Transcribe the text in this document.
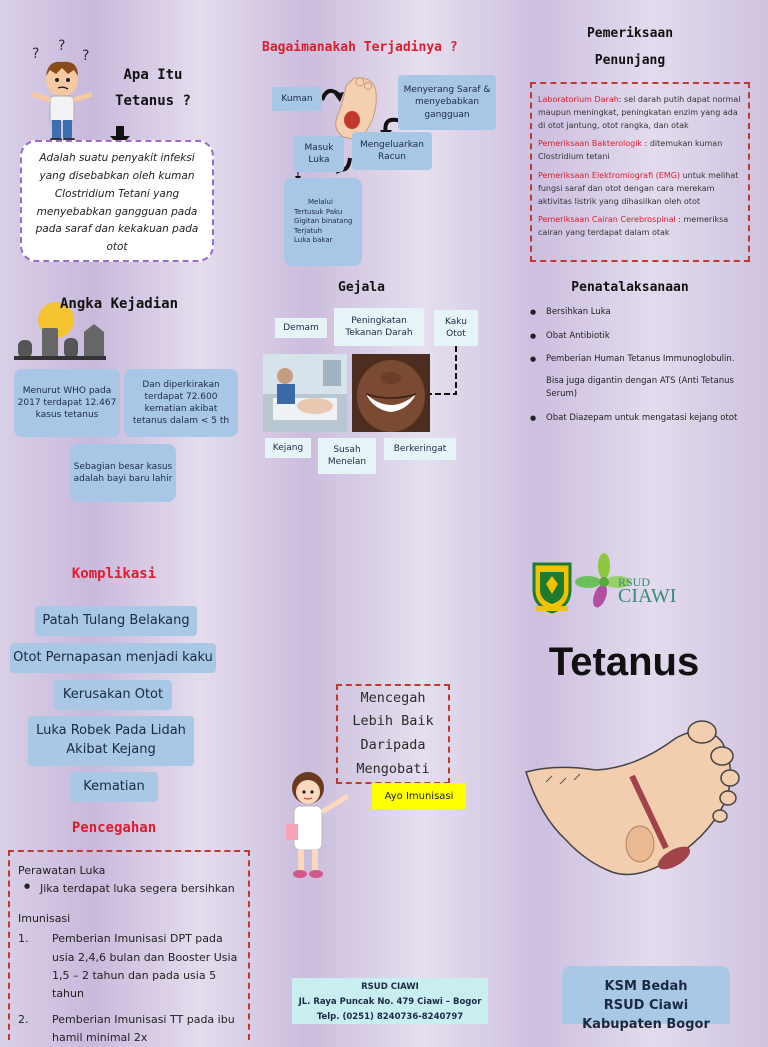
? ?
?
Apa Itu Tetanus ?
Adalah suatu penyakit infeksi yang disebabkan oleh kuman Clostridium Tetani yang menyebabkan gangguan pada pada saraf dan kekakuan pada otot
Angka Kejadian
Menurut WHO pada 2017 terdapat 12.467 kasus tetanus
Dan diperkirakan terdapat 72.600 kematian akibat tetanus dalam < 5 th
Sebagian besar kasus adalah bayi baru lahir
Komplikasi
Patah Tulang Belakang
Otot Pernapasan menjadi kaku
Kerusakan Otot
Luka Robek Pada Lidah Akibat Kejang
Kematian
Pencegahan
Perawatan Luka
● Jika terdapat luka segera bersihkan
Imunisasi
1.	Pemberian Imunisasi DPT pada usia 2,4,6 bulan dan Booster Usia 1,5 – 2 tahun dan pada usia 5 tahun
2.	Pemberian Imunisasi TT pada ibu hamil minimal 2x
Bagaimanakah Terjadinya ?
Kuman
Menyerang Saraf & menyebabkan gangguan
Masuk Luka
Mengeluarkan Racun
Melalui
Tertusuk Paku
Gigitan binatang
Terjatuh
Luka bakar
Gejala
Demam
Peningkatan Tekanan Darah
Kaku Otot
Kejang	Susah Menelan
Berkeringat
Mencegah
Lebih Baik
Daripada
Mengobati
Ayo Imunisasi
RSUD CIAWI
JL. Raya Puncak No. 479 Ciawi – Bogor
Telp. (0251) 8240736-8240797
Pemeriksaan
Penunjang

Laboratorium Darah: sel darah putih dapat normal maupun meningkat, peningkatan enzim yang ada di otot jantung, otot rangka, dan otak

Pemeriksaan Bakterologik : ditemukan kuman Clostridium tetani

Pemeriksaan Elektromiografi (EMG) untuk melihat fungsi saraf dan otot dengan cara merekam aktivitas listrik yang dihasilkan oleh otot

Pemeriksaan Cairan Cerebrospinal : memeriksa cairan yang terdapat dalam otak

Penatalaksanaan
● Bersihkan Luka
● Obat Antibiotik
● Pemberian Human Tetanus Immunoglobulin.
Bisa juga digantin dengan ATS (Anti Tetanus Serum)
● Obat Diazepam untuk mengatasi kejang otot
RSUD
CIAWI
Tetanus
KSM Bedah
RSUD Ciawi
Kabupaten Bogor
